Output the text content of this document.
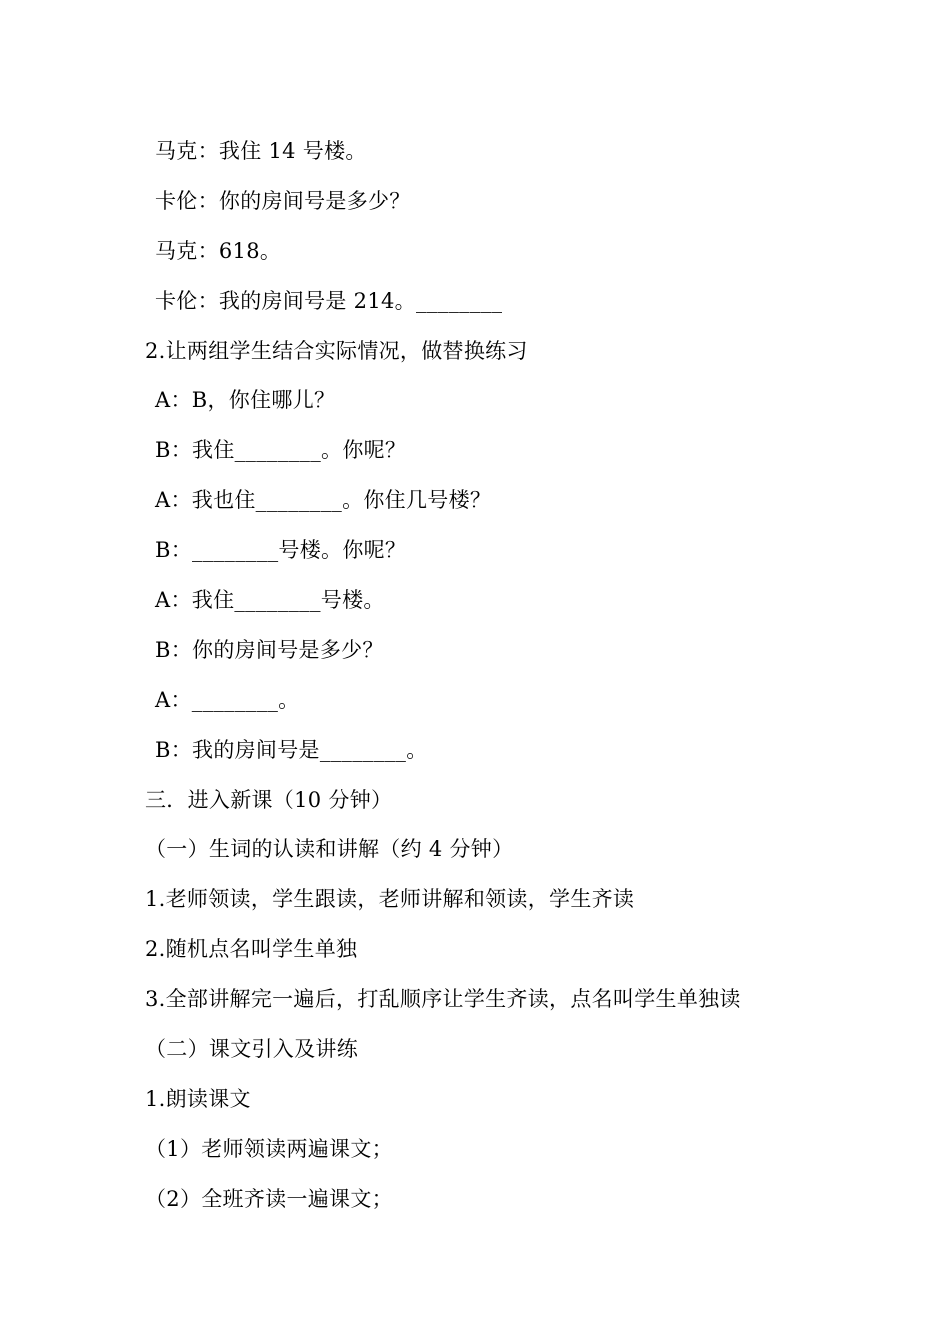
马克：我住 14 号楼。

卡伦：你的房间号是多少？

马克：618。

卡伦：我的房间号是 214。________

2.让两组学生结合实际情况，做替换练习

A：B，你住哪儿？

B：我住________。你呢？

A：我也住________。你住几号楼？

B：________号楼。你呢？

A：我住________号楼。

B：你的房间号是多少？

A：________。

B：我的房间号是________。

三．进入新课（10 分钟）

（一）生词的认读和讲解（约 4 分钟）

1.老师领读，学生跟读，老师讲解和领读，学生齐读

2.随机点名叫学生单独

3.全部讲解完一遍后，打乱顺序让学生齐读，点名叫学生单独读

（二）课文引入及讲练

1.朗读课文

（1）老师领读两遍课文；

（2）全班齐读一遍课文；
